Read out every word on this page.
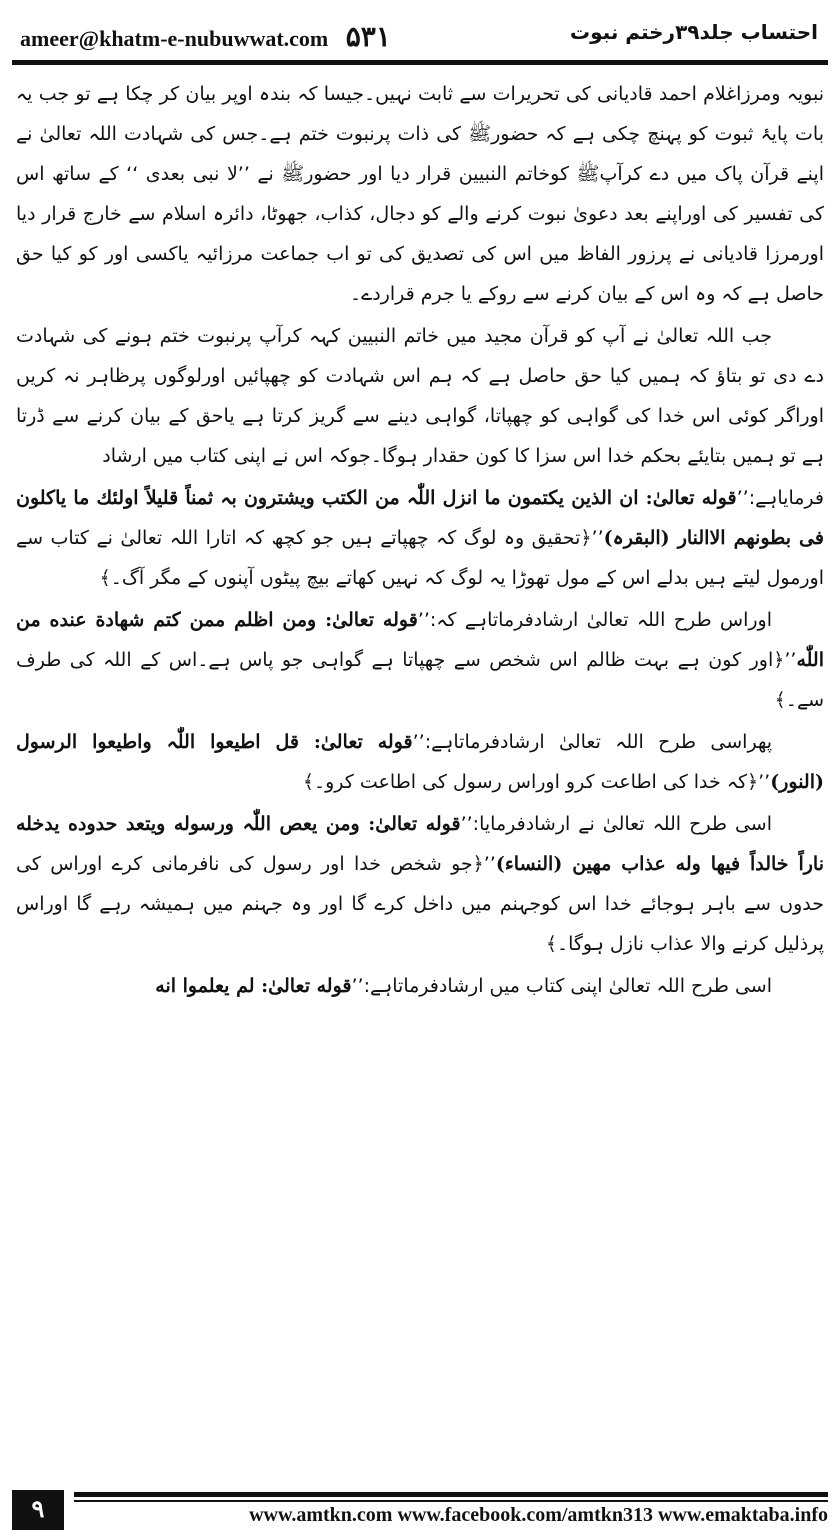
ameer@khatm-e-nubuwwat.com ۵۳۱	احتساب جلد۳۹رختم نبوت

نبویہ ومرزاغلام احمد قادیانی کی تحریرات سے ثابت نہیں۔جیسا کہ بندہ اوپر بیان کر چکا ہے تو جب یہ بات پایۂ ثبوت کو پہنچ چکی ہے کہ حضورﷺ کی ذات پرنبوت ختم ہے۔جس کی شہادت اللہ تعالیٰ نے اپنے قرآن پاک میں دے کرآپﷺ کوخاتم النبیین قرار دیا اور حضورﷺ نے ’’لا نبی بعدی ‘‘ کے ساتھ اس کی تفسیر کی اوراپنے بعد دعویٰ نبوت کرنے والے کو دجال، کذاب، جھوٹا، دائرہ اسلام سے خارج قرار دیا اورمرزا قادیانی نے پرزور الفاظ میں اس کی تصدیق کی تو اب جماعت مرزائیہ یاکسی اور کو کیا حق حاصل ہے کہ وہ اس کے بیان کرنے سے روکے یا جرم قراردے۔

جب اللہ تعالیٰ نے آپ کو قرآن مجید میں خاتم النبیین کہہ کرآپ پرنبوت ختم ہونے کی شہادت دے دی تو بتاؤ کہ ہمیں کیا حق حاصل ہے کہ ہم اس شہادت کو چھپائیں اورلوگوں پرظاہر نہ کریں اوراگر کوئی اس خدا کی گواہی کو چھپاتا، گواہی دینے سے گریز کرتا ہے یاحق کے بیان کرنے سے ڈرتا ہے تو ہمیں بتایئے بحکم خدا اس سزا کا کون حقدار ہوگا۔جوکہ اس نے اپنی کتاب میں ارشاد

فرمایاہے:’’قوله تعالیٰ: ان الذین یکتمون ما انزل اللّٰہ من الکتب ویشترون بہ ثمناً قلیلاً اولئك ما یاکلون فی بطونهم الاالنار (البقرہ)’’﴿تحقیق وہ لوگ کہ چھپاتے ہیں جو کچھ کہ اتارا اللہ تعالیٰ نے کتاب سے اورمول لیتے ہیں بدلے اس کے مول تھوڑا یہ لوگ کہ نہیں کھاتے بیچ پیٹوں آپنوں کے مگر آگ۔﴾

اوراس طرح اللہ تعالیٰ ارشادفرماتاہے کہ:’’قوله تعالیٰ: ومن اظلم ممن کتم شهادة عنده من اللّٰه’’﴿اور کون ہے بہت ظالم اس شخص سے چھپاتا ہے گواہی جو پاس ہے۔اس کے اللہ کی طرف سے۔﴾

پھراسی طرح اللہ تعالیٰ ارشادفرماتاہے:’’قوله تعالیٰ: قل اطیعوا اللّٰہ واطیعوا الرسول (النور)’’﴿کہ خدا کی اطاعت کرو اوراس رسول کی اطاعت کرو۔﴾

اسی طرح اللہ تعالیٰ نے ارشادفرمایا:’’قوله تعالیٰ: ومن یعص اللّٰہ ورسوله ویتعد حدوده یدخله ناراً خالداً فیها وله عذاب مهین (النساء)’’﴿جو شخص خدا اور رسول کی نافرمانی کرے اوراس کی حدوں سے باہر ہوجائے خدا اس کوجہنم میں داخل کرے گا اور وہ جہنم میں ہمیشہ رہے گا اوراس پرذلیل کرنے والا عذاب نازل ہوگا۔﴾

اسی طرح اللہ تعالیٰ اپنی کتاب میں ارشادفرماتاہے:’’قوله تعالیٰ: لم یعلموا انه

۹	www.amtkn.com www.facebook.com/amtkn313 www.emaktaba.info
